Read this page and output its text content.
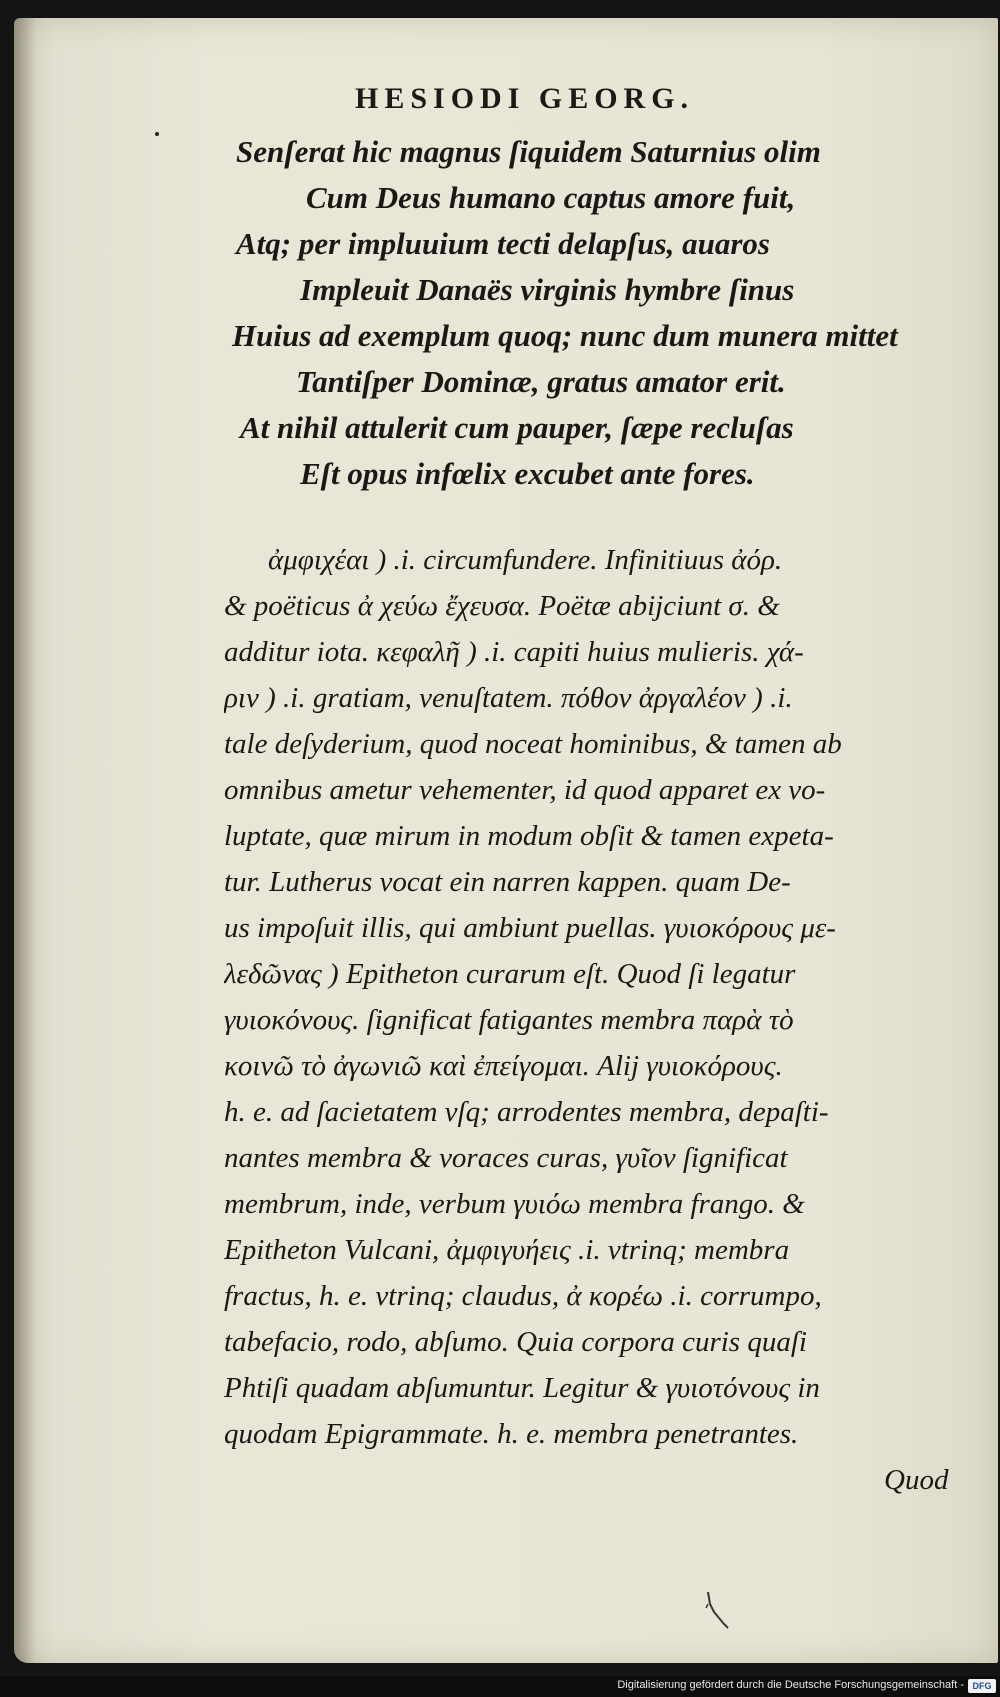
HESIODI GEORG.
Senſerat hic magnus ſiquidem Saturnius olim
Cum Deus humano captus amore fuit,
Atq; per impluuium tecti delapſus, auaros
Impleuit Danaës virginis hymbre ſinus
Huius ad exemplum quoq; nunc dum munera mittet
Tantiſper Dominæ, gratus amator erit.
At nihil attulerit cum pauper, ſæpe recluſas
Eſt opus infœlix excubet ante fores.
ἀμφιχέαι ) .i. circumfundere. Infinitiuus ἀόρ.
& poëticus ἀ χεύω ἔχευσα. Poëtæ abijciunt σ. &
additur iota. κεφαλῆ ) .i. capiti huius mulieris. χά-
ριν ) .i. gratiam, venuſtatem. πόθον ἀργαλέον ) .i.
tale deſyderium, quod noceat hominibus, & tamen ab
omnibus ametur vehementer, id quod apparet ex vo-
luptate, quæ mirum in modum obſit & tamen expeta-
tur. Lutherus vocat ein narren kappen. quam De-
us impoſuit illis, qui ambiunt puellas. γυιοκόρους με-
λεδῶνας ) Epitheton curarum eſt. Quod ſi legatur
γυιοκόνους. ſignificat fatigantes membra παρὰ τὸ
κοινῶ τὸ ἀγωνιῶ καὶ ἐπείγομαι. Alij γυιοκόρους.
h. e. ad ſacietatem vſq; arrodentes membra, depaſti-
nantes membra & voraces curas, γυῖον ſignificat
membrum, inde, verbum γυιόω membra frango. &
Epitheton Vulcani, ἀμφιγυήεις .i. vtrinq; membra
fractus, h. e. vtrinq; claudus, ἀ κορέω .i. corrumpo,
tabefacio, rodo, abſumo. Quia corpora curis quaſi
Phtiſi quadam abſumuntur. Legitur & γυιοτόνους in
quodam Epigrammate. h. e. membra penetrantes.
Quod
Digitalisierung gefördert durch die Deutsche Forschungsgemeinschaft - DFG
